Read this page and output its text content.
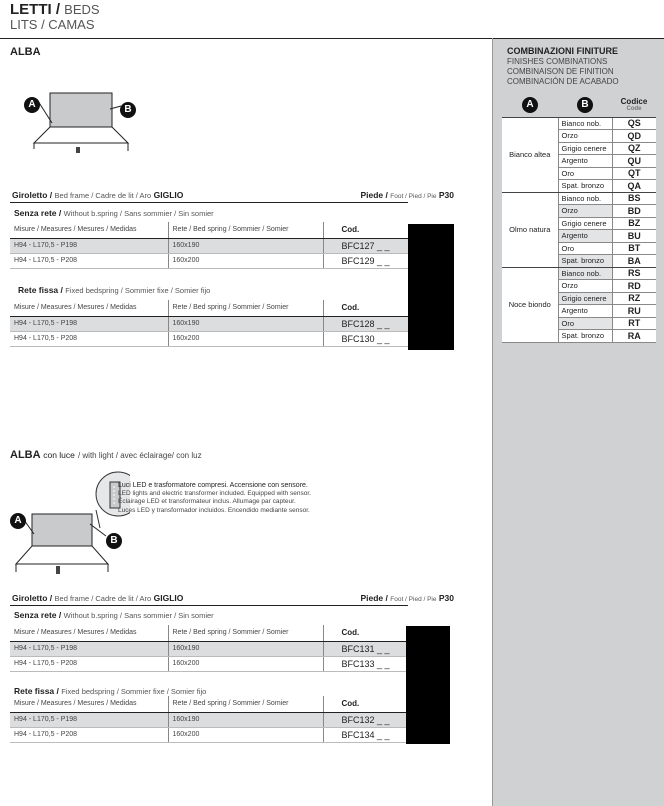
LETTI / BEDS
LITS / CAMAS
COMBINAZIONI FINITURE
FINISHES COMBINATIONS
COMBINAISON DE FINITION
COMBINACIÓN DE ACABADO
A	B	Codice
Code

Bianco altea	Bianco nob.	QS
	Orzo	QD
	Grigio cenere	QZ
	Argento	QU
	Oro	QT
	Spat. bronzo	QA
Olmo natura	Bianco nob.	BS
	Orzo	BD
	Grigio cenere	BZ
	Argento	BU
	Oro	BT
	Spat. bronzo	BA
Noce biondo	Bianco nob.	RS
	Orzo	RD
	Grigio cenere	RZ
	Argento	RU
	Oro	RT
	Spat. bronzo	RA
ALBA
A	B
Giroletto / Bed frame / Cadre de lit / Aro GIGLIO	Piede / Foot / Pied / Pie P30
Senza rete / Without b.spring / Sans sommier / Sin somier
Misure / Measures / Mesures / Medidas	Rete / Bed spring / Sommier / Somier	Cod.
H94 - L170,5 - P198	160x190	BFC127 _ _
H94 - L170,5 - P208	160x200	BFC129 _ _
Rete fissa / Fixed bedspring / Sommier fixe / Somier fijo
Misure / Measures / Mesures / Medidas	Rete / Bed spring / Sommier / Somier	Cod.
H94 - L170,5 - P198	160x190	BFC128 _ _
H94 - L170,5 - P208	160x200	BFC130 _ _
ALBA con luce / with light / avec éclairage/ con luz
A
B
Luci LED e trasformatore compresi. Accensione con sensore.
LED lights and electric transformer included. Equipped with sensor.
Éclairage LED et transformateur inclus. Allumage par capteur.
Luces LED y transformador incluidos. Encendido mediante sensor.
Giroletto / Bed frame / Cadre de lit / Aro GIGLIO	Piede / Foot / Pied / Pie P30
Senza rete / Without b.spring / Sans sommier / Sin somier
Misure / Measures / Mesures / Medidas	Rete / Bed spring / Sommier / Somier	Cod.
H94 - L170,5 - P198	160x190	BFC131 _ _
H94 - L170,5 - P208	160x200	BFC133 _ _
Rete fissa / Fixed bedspring / Sommier fixe / Somier fijo
Misure / Measures / Mesures / Medidas	Rete / Bed spring / Sommier / Somier	Cod.
H94 - L170,5 - P198	160x190	BFC132 _ _
H94 - L170,5 - P208	160x200	BFC134 _ _
